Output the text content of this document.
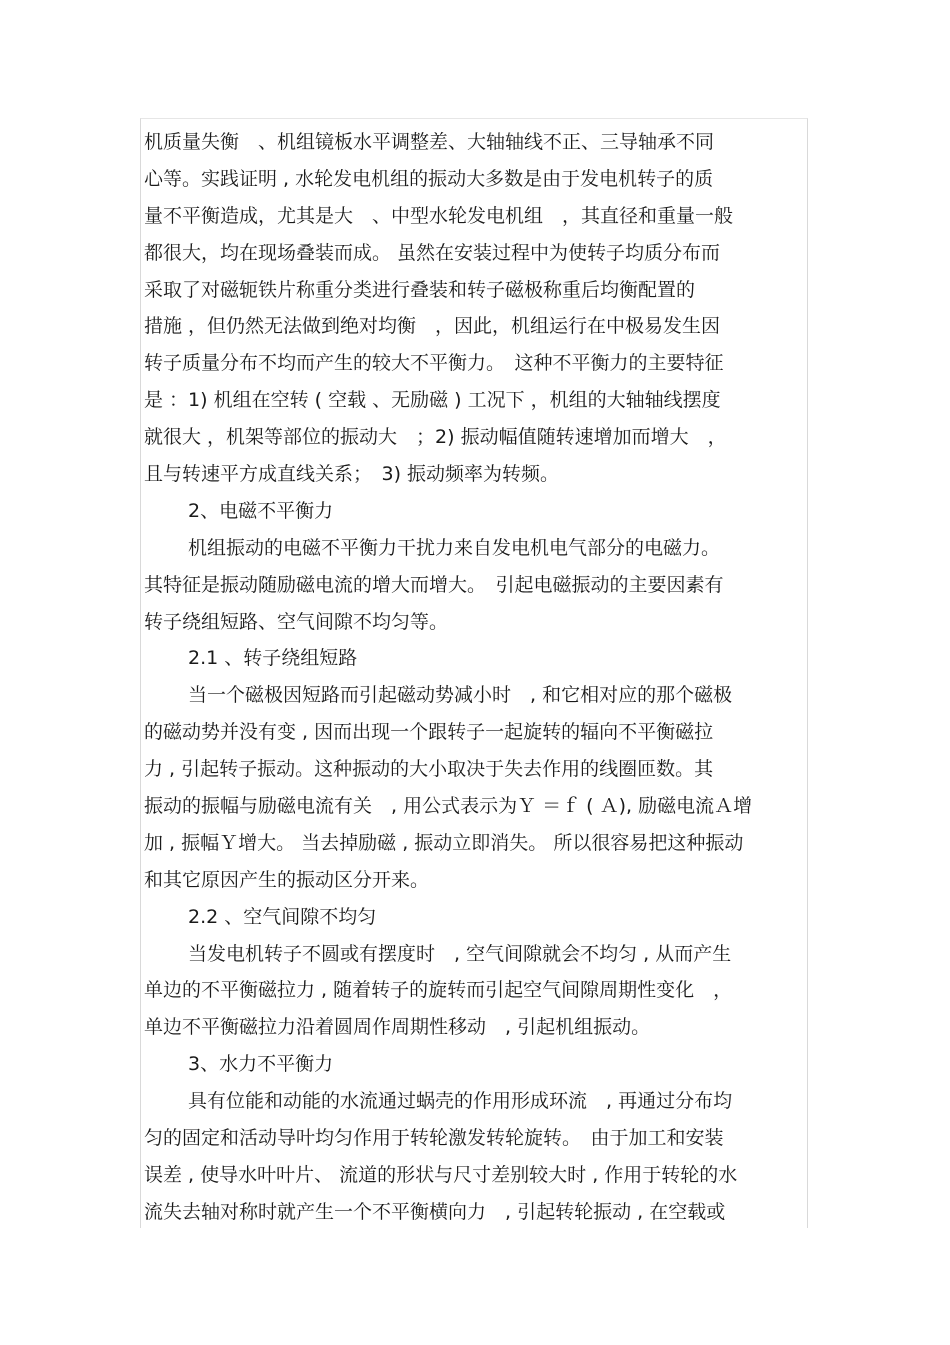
机质量失衡　、机组镜板水平调整差、大轴轴线不正、三导轴承不同
心等。实践证明 , 水轮发电机组的振动大多数是由于发电机转子的质
量不平衡造成，尤其是大　、中型水轮发电机组　，其直径和重量一般
都很大，均在现场叠装而成。 虽然在安装过程中为使转子均质分布而
采取了对磁轭铁片称重分类进行叠装和转子磁极称重后均衡配置的
措施 ，但仍然无法做到绝对均衡　，因此，机组运行在中极易发生因
转子质量分布不均而产生的较大不平衡力。　这种不平衡力的主要特征
是 ：1) 机组在空转 ( 空载 、无励磁 ) 工况下 ，机组的大轴轴线摆度
就很大 ，机架等部位的振动大　；2) 振动幅值随转速增加而增大　，
且与转速平方成直线关系；　3) 振动频率为转频。
2、电磁不平衡力
机组振动的电磁不平衡力干扰力来自发电机电气部分的电磁力。
其特征是振动随励磁电流的增大而增大。　引起电磁振动的主要因素有
转子绕组短路、空气间隙不均匀等。
2.1 、转子绕组短路
当一个磁极因短路而引起磁动势减小时　, 和它相对应的那个磁极
的磁动势并没有变 , 因而出现一个跟转子一起旋转的辐向不平衡磁拉
力 , 引起转子振动。这种振动的大小取决于失去作用的线圈匝数。其
振动的振幅与励磁电流有关　, 用公式表示为Ｙ ＝ｆ ( Ａ), 励磁电流Ａ增
加 , 振幅Ｙ增大。 当去掉励磁 , 振动立即消失。 所以很容易把这种振动
和其它原因产生的振动区分开来。
2.2 、空气间隙不均匀
当发电机转子不圆或有摆度时　, 空气间隙就会不均匀 , 从而产生
单边的不平衡磁拉力 , 随着转子的旋转而引起空气间隙周期性变化　，
单边不平衡磁拉力沿着圆周作周期性移动　, 引起机组振动。
3、水力不平衡力
具有位能和动能的水流通过蜗壳的作用形成环流　, 再通过分布均
匀的固定和活动导叶均匀作用于转轮激发转轮旋转。　由于加工和安装
误差 , 使导水叶叶片、 流道的形状与尺寸差别较大时 , 作用于转轮的水
流失去轴对称时就产生一个不平衡横向力　, 引起转轮振动 , 在空载或
